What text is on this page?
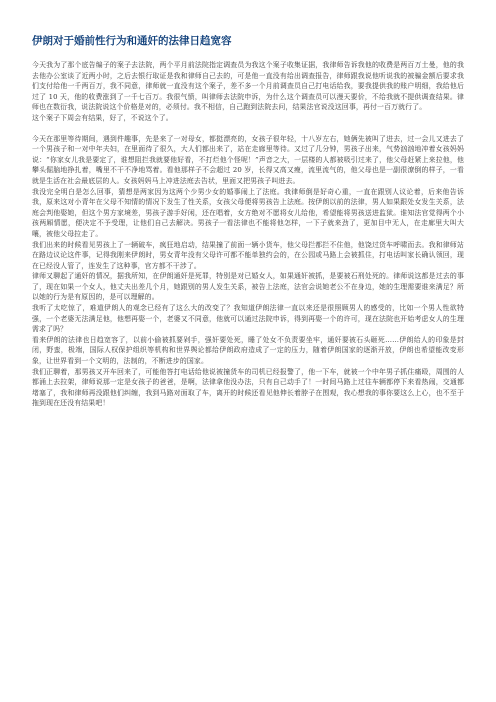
伊朗对于婚前性行为和通奸的法律日趋宽容

今天我为了那个底告编子的案子去法院，两个平月前法院指定调查员为我这个案子收集证据，我律师告诉我他的收费是两百万土曼，他的我去他办公室谈了近两小时，之后去银行取证是我和律师自己去的，可是他一直没有给出调查报告，律师跟我说他听说我的被骗金额后要求我们支付给他一千两百万，我不同意，律师就一直没有这个案子，差不多一个月前调查员自己打电话给我，要我提供我的账户明细，我给他后过了 10 天，他的收费涨到了一千七百万。我很气愤，叫律师去法院申诉，为什么这个调查员可以漫天要价，不给我就不提供调查结果。律师也在数衍我，说法院说这个价格是对的，必须付。我不相信，自己跑到法院去问，结果法官说没这回事，再付一百万就行了。

这个案子下周会有结果，好了，不说这个了。

今天在那里等待期间，遇到件趣事，先是来了一对母女，都挺漂亮的，女孩子很年轻，十八岁左右，她俩先被叫了进去，过一会儿又进去了一个男孩子和一对中年夫妇，在里面待了很久，大人们都出来了，站在走廊里等待。又过了几分钟，男孩子出来，气势汹汹地冲着女孩妈妈说：“你家女儿我是要定了，谁想阻拦我就要他好看，不打烂他个怪呢！”声音之大，一层楼的人都被吸引过来了，他父母赶紧上来拉他，他攀头倔脑地挣扎着，嘴里不干不净地骂着。看他那样子不会超过 20 岁，长得又高又瘦，流里流气的，他父母也是一副很潦倒的样子，一看就是生活在社会最底层的人。女孩妈妈马上冲进法庭去告状，里面又把男孩子叫进去。

我没完全明白是怎么回事，猜想是两家因为这两个少男少女的婚事闹上了法庭。我律师倒是好奇心重，一直在跟别人议论着，后来他告诉我，原来这对小青年在父母不知情的情况下发生了性关系，女孩父母便将男孩告上法庭。按伊朗以前的法律，男人如果跟处女发生关系，法庭会判他娶她，但这个男方家境差，男孩子游手好闲，还在唱着，女方绝对不愿将女儿给他，希望能将男孩送进监狱。谁知法官觉得两个小孩两厢情愿，便决定不予受理，让他们自己去解决。男孩子一看法律也不能将他怎样，一下子就来劲了，更加目中无人，在走廊里大叫大嚷，被他父母拉走了。

我们出来的时候看见男孩上了一辆破车，疯狂地启动，结果撞了前面一辆小货车，他父母拦都拦不住他，他饶过货车呼啸而去。我和律师站在路边议论这件事，记得我刚来伊朗时，男女青年没有父母许可都不能单独约会的，在公园或马路上会被抓住，打电话叫家长确认领回，现在已经没人管了，连发生了这种事，官方都不干涉了。

律师又聊起了通奸的情况，据我所知，在伊朗通奸是死罪，特别是对已婚女人，如果通奸被抓，是要被石刑处死的。律师说这都是过去的事了，现在如果一个女人，他丈夫出差几个月，她跟别的男人发生关系，被告上法庭，法官会说她老公不在身边，她的生理需要谁来满足？所以她的行为是有原因的，是可以理解的。

我听了太吃惊了，难道伊朗人的观念已经有了这么大的改变了？我知道伊朗法律一直以来还是很照顾男人的感受的，比如一个男人性欲特强，一个老婆无法满足他，他想再娶一个，老婆又不同意，他就可以通过法院申诉，得到再娶一个的许可，现在法院也开始考虑女人的生理需求了吗？

看来伊朗的法律也日趋宽容了，以前小偷被抓要剁手，强奸要处死，睡了处女不负责要坐牢，通奸要被石头砸死……伊朗给人的印象是封闭，野蛮，极端，国际人权保护组织等机构和世界舆论都给伊朗政府造成了一定的压力，随着伊朗国家的逐渐开放，伊朗也希望能改变形象，让世界看到一个文明的，法制的，不断进步的国家。

我们正聊着，那男孩又开车回来了，可能他答打电话给他说被撞货车的司机已经报警了，他一下车，就被一个中年男子抓住痛殴，周围的人都涌上去拉架，律师说那一定是女孩子的爸爸，是啊，法律拿他没办法，只有自己动手了！一时间马路上过往车辆都停下来看热闹，交通都堵塞了，我和律师再没跟他们纠缠，我到马路对面取了车，离开的时候还看见他伸长着脖子在围观，我心想我的事你要这么上心，也不至于拖到现在还没有结果吧！
